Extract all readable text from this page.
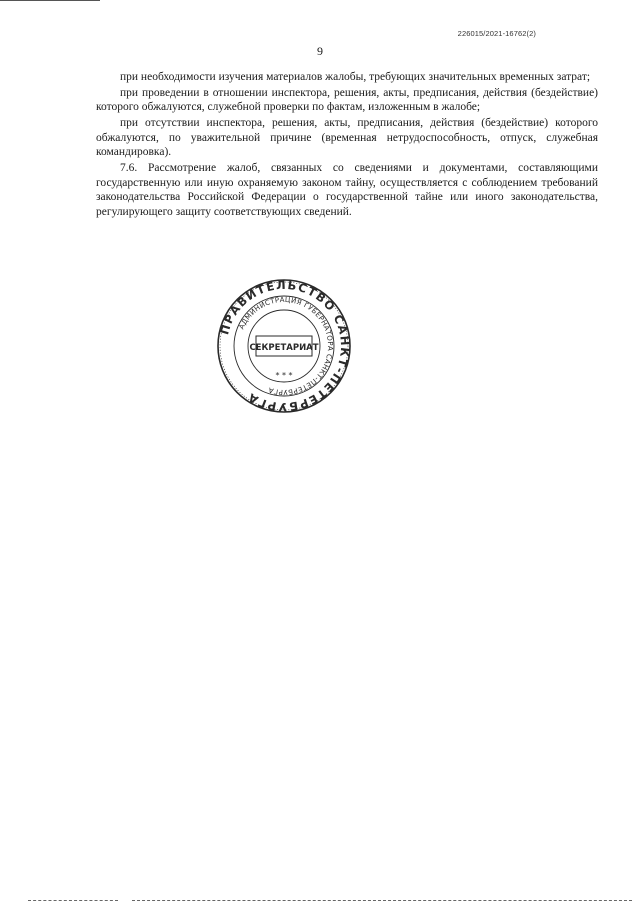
226015/2021-16762(2)
9

при необходимости изучения материалов жалобы, требующих значительных временных затрат;

при проведении в отношении инспектора, решения, акты, предписания, действия (бездействие) которого обжалуются, служебной проверки по фактам, изложенным в жалобе;

при отсутствии инспектора, решения, акты, предписания, действия (бездействие) которого обжалуются, по уважительной причине (временная нетрудоспособность, отпуск, служебная командировка).

7.6. Рассмотрение жалоб, связанных со сведениями и документами, составляющими государственную или иную охраняемую законом тайну, осуществляется с соблюдением требований законодательства Российской Федерации о государственной тайне или иного законодательства, регулирующего защиту соответствующих сведений.

ПРАВИТЕЛЬСТВО САНКТ-ПЕТЕРБУРГА
АДМИНИСТРАЦИЯ ГУБЕРНАТОРА САНКТ-ПЕТЕРБУРГА
СЕКРЕТАРИАТ
* * *
